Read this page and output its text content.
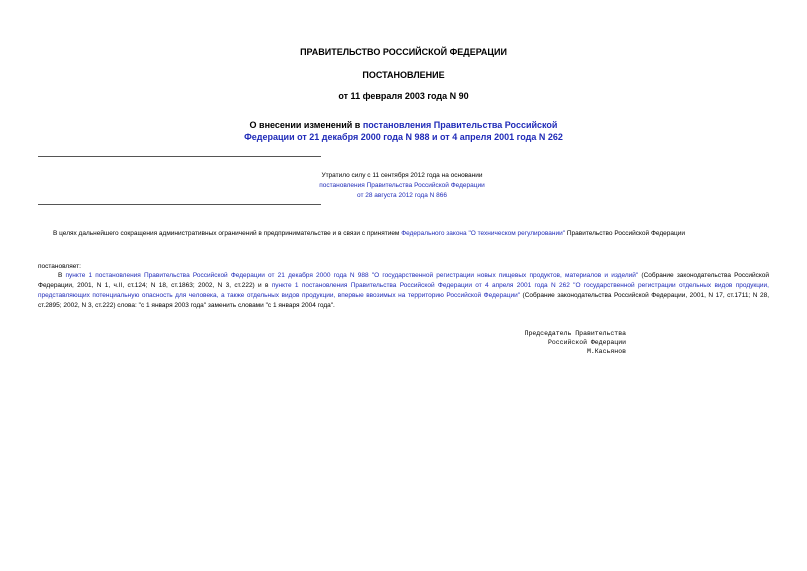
ПРАВИТЕЛЬСТВО РОССИЙСКОЙ ФЕДЕРАЦИИ
ПОСТАНОВЛЕНИЕ
от 11 февраля 2003 года N 90
О внесении изменений в постановления Правительства Российской Федерации от 21 декабря 2000 года N 988 и от 4 апреля 2001 года N 262
Утратило силу с 11 сентября 2012 года на основании
постановления Правительства Российской Федерации
от 28 августа 2012 года N 866
В целях дальнейшего сокращения административных ограничений в предпринимательстве и в связи с принятием Федерального закона "О техническом регулировании" Правительство Российской Федерации
постановляет:
В пункте 1 постановления Правительства Российской Федерации от 21 декабря 2000 года N 988 "О государственной регистрации новых пищевых продуктов, материалов и изделий" (Собрание законодательства Российской Федерации, 2001, N 1, ч.II, ст.124; N 18, ст.1863; 2002, N 3, ст.222) и в пункте 1 постановления Правительства Российской Федерации от 4 апреля 2001 года N 262 "О государственной регистрации отдельных видов продукции, представляющих потенциальную опасность для человека, а также отдельных видов продукции, впервые ввозимых на территорию Российской Федерации" (Собрание законодательства Российской Федерации, 2001, N 17, ст.1711; N 28, ст.2895; 2002, N 3, ст.222) слова: "с 1 января 2003 года" заменить словами "с 1 января 2004 года".
Председатель Правительства
Российской Федерации
М.Касьянов
